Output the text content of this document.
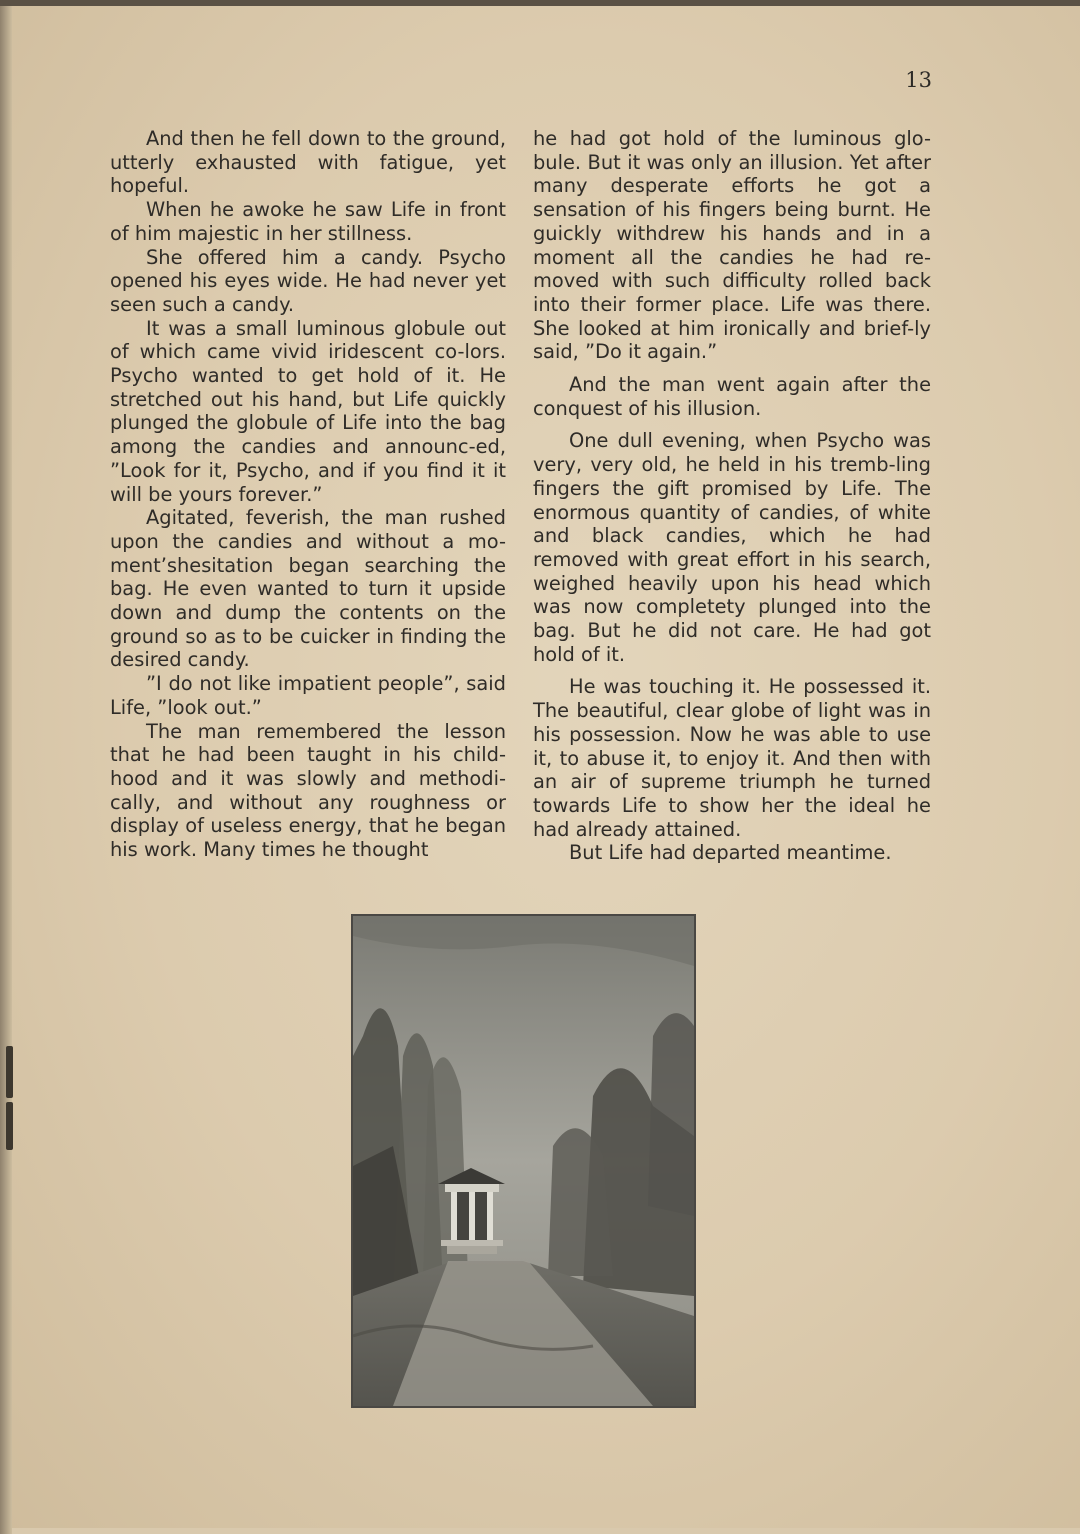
13

And then he fell down to the ground, utterly exhausted with fatigue, yet hopeful.

When he awoke he saw Life in front of him majestic in her stillness.

She offered him a candy. Psycho opened his eyes wide. He had never yet seen such a candy.

It was a small luminous globule out of which came vivid iridescent co-lors. Psycho wanted to get hold of it. He stretched out his hand, but Life quickly plunged the globule of Life into the bag among the candies and announc-ed, ”Look for it, Psycho, and if you find it it will be yours forever.”

Agitated, feverish, the man rushed upon the candies and without a mo-ment’shesitation began searching the bag. He even wanted to turn it upside down and dump the contents on the ground so as to be cuicker in finding the desired candy.

”I do not like impatient people”, said Life, ”look out.”

The man remembered the lesson that he had been taught in his child-hood and it was slowly and methodi-cally, and without any roughness or display of useless energy, that he began his work. Many times he thought

he had got hold of the luminous glo-bule. But it was only an illusion. Yet after many desperate efforts he got a sensation of his fingers being burnt. He guickly withdrew his hands and in a moment all the candies he had re-moved with such difficulty rolled back into their former place. Life was there. She looked at him ironically and brief-ly said, ”Do it again.”

And the man went again after the conquest of his illusion.

One dull evening, when Psycho was very, very old, he held in his tremb-ling fingers the gift promised by Life. The enormous quantity of candies, of white and black candies, which he had removed with great effort in his search, weighed heavily upon his head which was now completety plunged into the bag. But he did not care. He had got hold of it.

He was touching it. He possessed it. The beautiful, clear globe of light was in his possession. Now he was able to use it, to abuse it, to enjoy it. And then with an air of supreme triumph he turned towards Life to show her the ideal he had already attained.

But Life had departed meantime.
